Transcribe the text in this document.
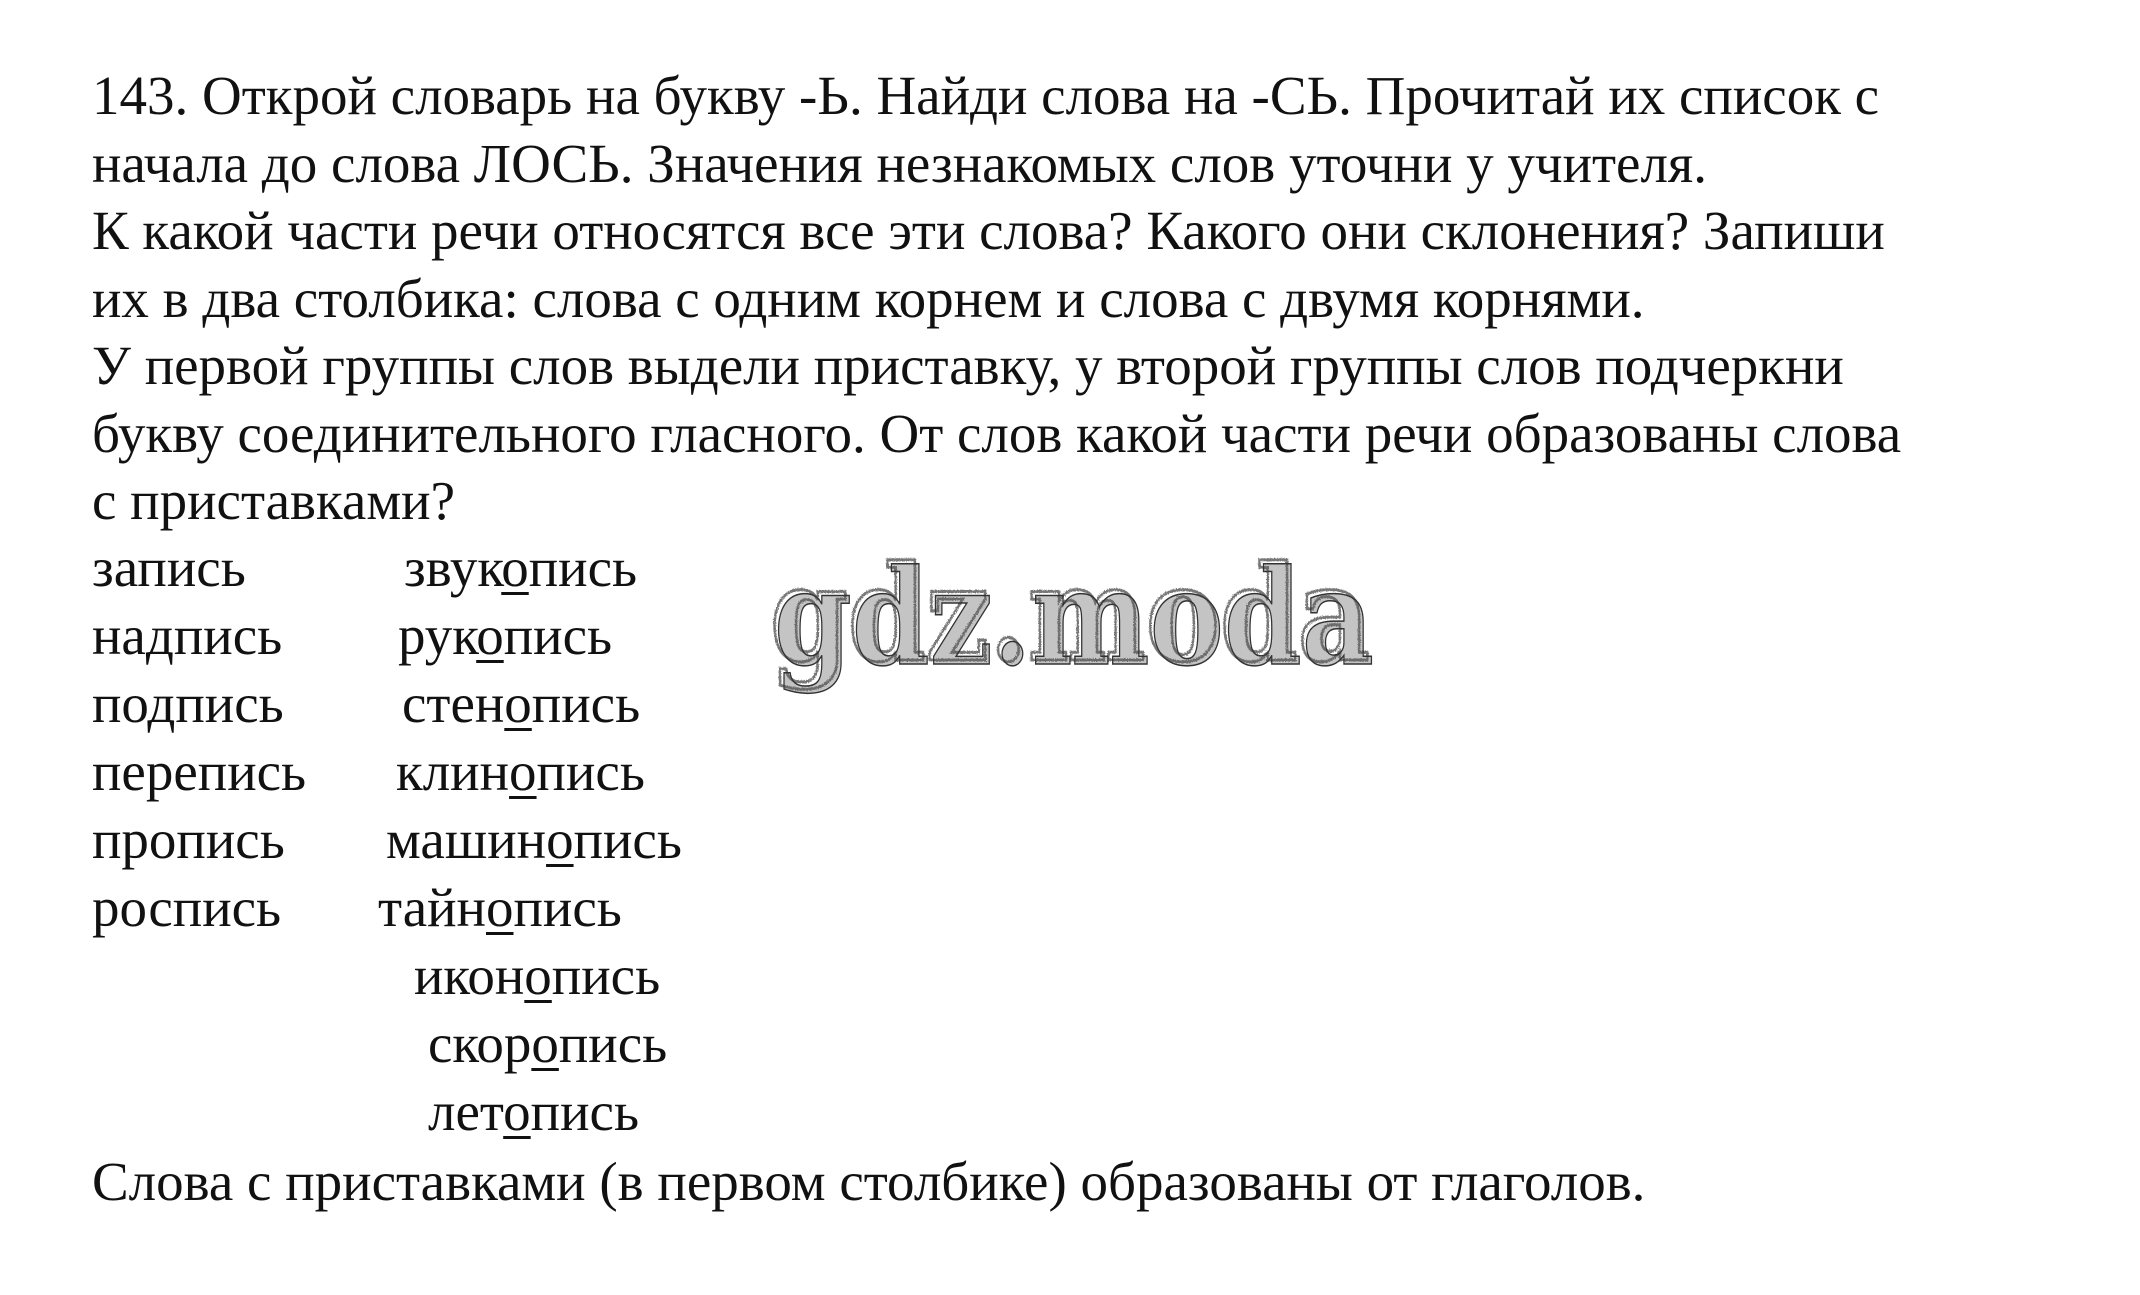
143. Открой словарь на букву -Ь. Найди слова на -СЬ. Прочитай их список с
начала до слова ЛОСЬ. Значения незнакомых слов уточни у учителя.
К какой части речи относятся все эти слова? Какого они склонения? Запиши
их в два столбика: слова с одним корнем и слова с двумя корнями.
У первой группы слов выдели приставку, у второй группы слов подчеркни
букву соединительного гласного. От слов какой части речи образованы слова
с приставками?
запись
надпись
подпись
перепись
пропись
роспись
звукопись
рукопись
стенопись
клинопись
машинопись
тайнопись
иконопись
скоропись
летопись
Слова с приставками (в первом столбике) образованы от глаголов.
gdz.moda
gdz.moda
